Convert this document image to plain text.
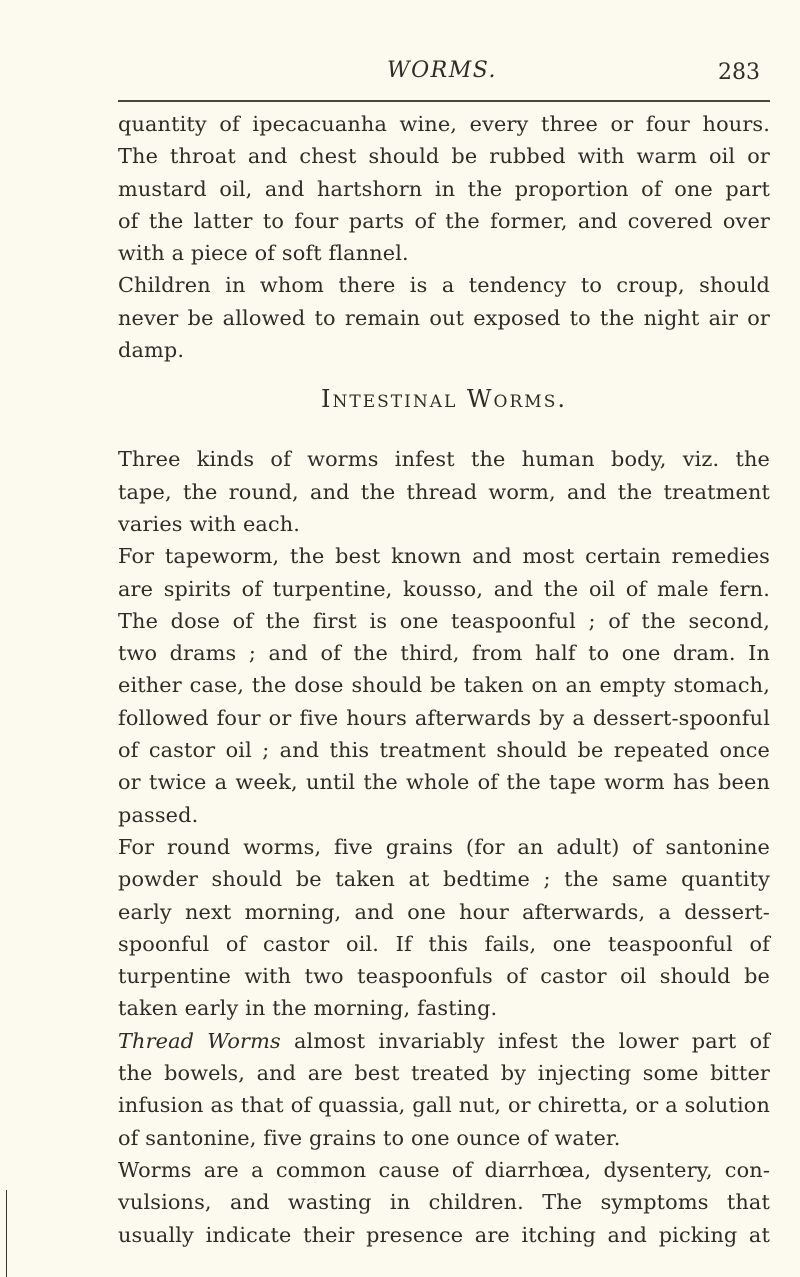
WORMS.	283
quantity of ipecacuanha wine, every three or four hours.
The throat and chest should be rubbed with warm oil or
mustard oil, and hartshorn in the proportion of one part
of the latter to four parts of the former, and covered over
with a piece of soft flannel.
Children in whom there is a tendency to croup, should
never be allowed to remain out exposed to the night air or
damp.
Intestinal Worms.
Three kinds of worms infest the human body, viz. the
tape, the round, and the thread worm, and the treatment
varies with each.
For tapeworm, the best known and most certain remedies
are spirits of turpentine, kousso, and the oil of male fern.
The dose of the first is one teaspoonful ; of the second,
two drams ; and of the third, from half to one dram. In
either case, the dose should be taken on an empty stomach,
followed four or five hours afterwards by a dessert-spoonful
of castor oil ; and this treatment should be repeated once
or twice a week, until the whole of the tape worm has been
passed.
For round worms, five grains (for an adult) of santonine
powder should be taken at bedtime ; the same quantity
early next morning, and one hour afterwards, a dessert-
spoonful of castor oil. If this fails, one teaspoonful of
turpentine with two teaspoonfuls of castor oil should be
taken early in the morning, fasting.
Thread Worms almost invariably infest the lower part of
the bowels, and are best treated by injecting some bitter
infusion as that of quassia, gall nut, or chiretta, or a solution
of santonine, five grains to one ounce of water.
Worms are a common cause of diarrhœa, dysentery, con-
vulsions, and wasting in children. The symptoms that
usually indicate their presence are itching and picking at
